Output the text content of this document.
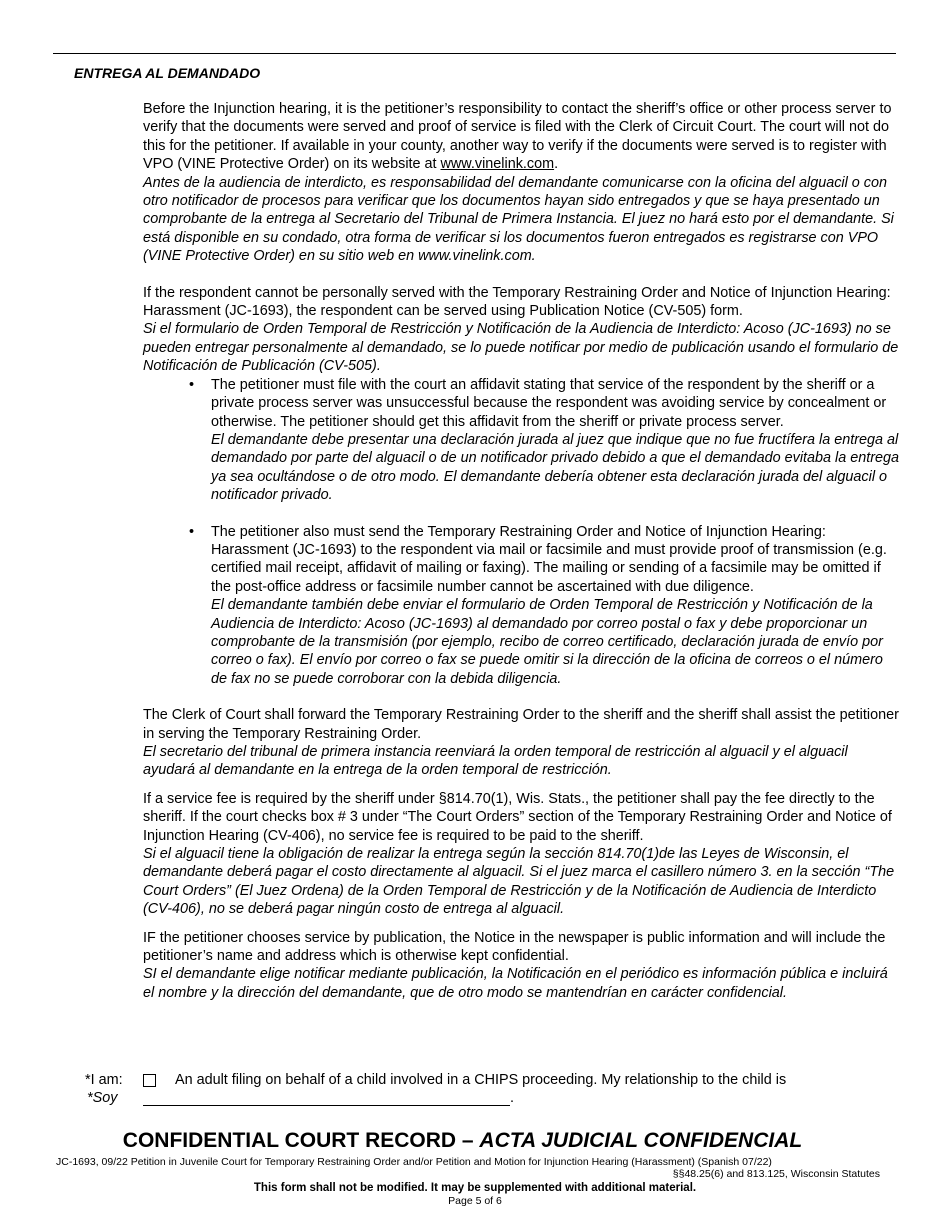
ENTREGA AL DEMANDADO
Before the Injunction hearing, it is the petitioner’s responsibility to contact the sheriff’s office or other process server to verify that the documents were served and proof of service is filed with the Clerk of Circuit Court. The court will not do this for the petitioner. If available in your county, another way to verify if the documents were served is to register with VPO (VINE Protective Order) on its website at www.vinelink.com.
Antes de la audiencia de interdicto, es responsabilidad del demandante comunicarse con la oficina del alguacil o con otro notificador de procesos para verificar que los documentos hayan sido entregados y que se haya presentado un comprobante de la entrega al Secretario del Tribunal de Primera Instancia. El juez no hará esto por el demandante. Si está disponible en su condado, otra forma de verificar si los documentos fueron entregados es registrarse con VPO (VINE Protective Order) en su sitio web en www.vinelink.com.
If the respondent cannot be personally served with the Temporary Restraining Order and Notice of Injunction Hearing: Harassment (JC-1693), the respondent can be served using Publication Notice (CV-505) form.
Si el formulario de Orden Temporal de Restricción y Notificación de la Audiencia de Interdicto: Acoso (JC-1693) no se pueden entregar personalmente al demandado, se lo puede notificar por medio de publicación usando el formulario de Notificación de Publicación (CV-505).
• The petitioner must file with the court an affidavit stating that service of the respondent by the sheriff or a private process server was unsuccessful because the respondent was avoiding service by concealment or otherwise. The petitioner should get this affidavit from the sheriff or private process server.
El demandante debe presentar una declaración jurada al juez que indique que no fue fructífera la entrega al demandado por parte del alguacil o de un notificador privado debido a que el demandado evitaba la entrega ya sea ocultándose o de otro modo. El demandante debería obtener esta declaración jurada del alguacil o notificador privado.
• The petitioner also must send the Temporary Restraining Order and Notice of Injunction Hearing: Harassment (JC-1693) to the respondent via mail or facsimile and must provide proof of transmission (e.g. certified mail receipt, affidavit of mailing or faxing). The mailing or sending of a facsimile may be omitted if the post-office address or facsimile number cannot be ascertained with due diligence.
El demandante también debe enviar el formulario de Orden Temporal de Restricción y Notificación de la Audiencia de Interdicto: Acoso (JC-1693) al demandado por correo postal o fax y debe proporcionar un comprobante de la transmisión (por ejemplo, recibo de correo certificado, declaración jurada de envío por correo o fax). El envío por correo o fax se puede omitir si la dirección de la oficina de correos o el número de fax no se puede corroborar con la debida diligencia.
The Clerk of Court shall forward the Temporary Restraining Order to the sheriff and the sheriff shall assist the petitioner in serving the Temporary Restraining Order.
El secretario del tribunal de primera instancia reenviará la orden temporal de restricción al alguacil y el alguacil ayudará al demandante en la entrega de la orden temporal de restricción.
If a service fee is required by the sheriff under §814.70(1), Wis. Stats., the petitioner shall pay the fee directly to the sheriff. If the court checks box # 3 under “The Court Orders” section of the Temporary Restraining Order and Notice of Injunction Hearing (CV-406), no service fee is required to be paid to the sheriff.
Si el alguacil tiene la obligación de realizar la entrega según la sección 814.70(1)de las Leyes de Wisconsin, el demandante deberá pagar el costo directamente al alguacil. Si el juez marca el casillero número 3. en la sección “The Court Orders” (El Juez Ordena) de la Orden Temporal de Restricción y de la Notificación de Audiencia de Interdicto (CV-406), no se deberá pagar ningún costo de entrega al alguacil.
IF the petitioner chooses service by publication, the Notice in the newspaper is public information and will include the petitioner’s name and address which is otherwise kept confidential.
SI el demandante elige notificar mediante publicación, la Notificación en el periódico es información pública e incluirá el nombre y la dirección del demandante, que de otro modo se mantendrían en carácter confidencial.
*I am:
*Soy
An adult filing on behalf of a child involved in a CHIPS proceeding. My relationship to the child is
.
CONFIDENTIAL COURT RECORD – ACTA JUDICIAL CONFIDENCIAL
JC-1693, 09/22 Petition in Juvenile Court for Temporary Restraining Order and/or Petition and Motion for Injunction Hearing (Harassment) (Spanish 07/22)
§§48.25(6) and 813.125, Wisconsin Statutes
This form shall not be modified. It may be supplemented with additional material.
Page 5 of 6
